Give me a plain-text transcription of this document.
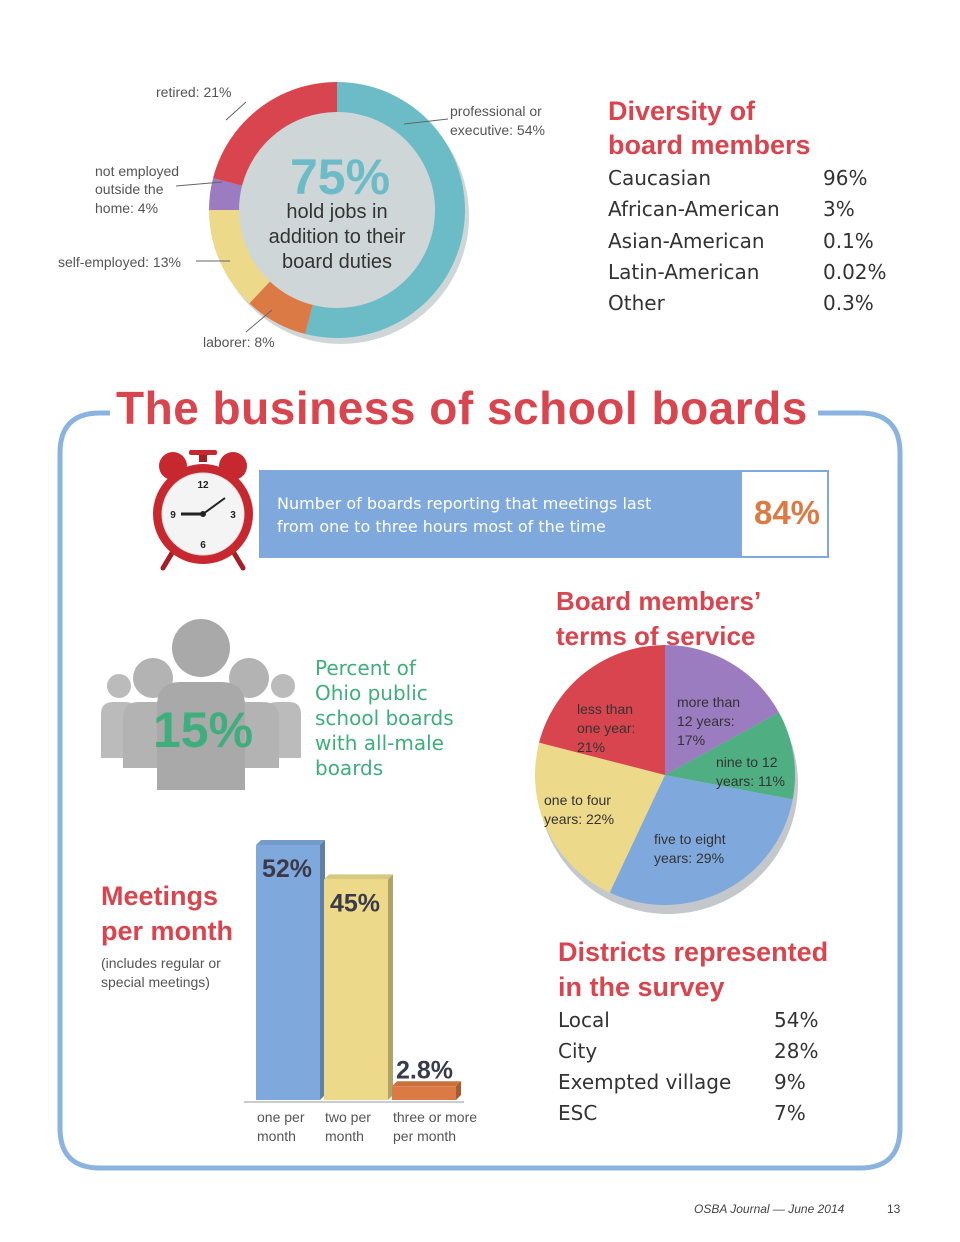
retired: 21%
professional or
executive: 54%
not employed
outside the
home: 4%
self-employed: 13%
laborer: 8%
75%
hold jobs in
addition to their
board duties
Diversity of
board members
Caucasian	96%
African-American 3%
Asian-American	0.1%
Latin-American	0.02%
Other	0.3%
The business of school boards
12
3
6
9
Number of boards reporting that meetings last
from one to three hours most of the time	84%
15%
Percent of
Ohio public
school boards
with all-male
boards
Board members’
terms of service
more than 12 years: 17%
nine to 12 years: 11%
five to eight years: 29%
one to four years: 22%
less than one year: 21%
Meetings
per month
(includes regular or
special meetings)
52%
one per month
45%
two per month
2.8%
three or more per month
Districts represented
in the survey
Local	54%
City	28%
Exempted village 9%
ESC	7%
OSBA Journal — June 2014	13
